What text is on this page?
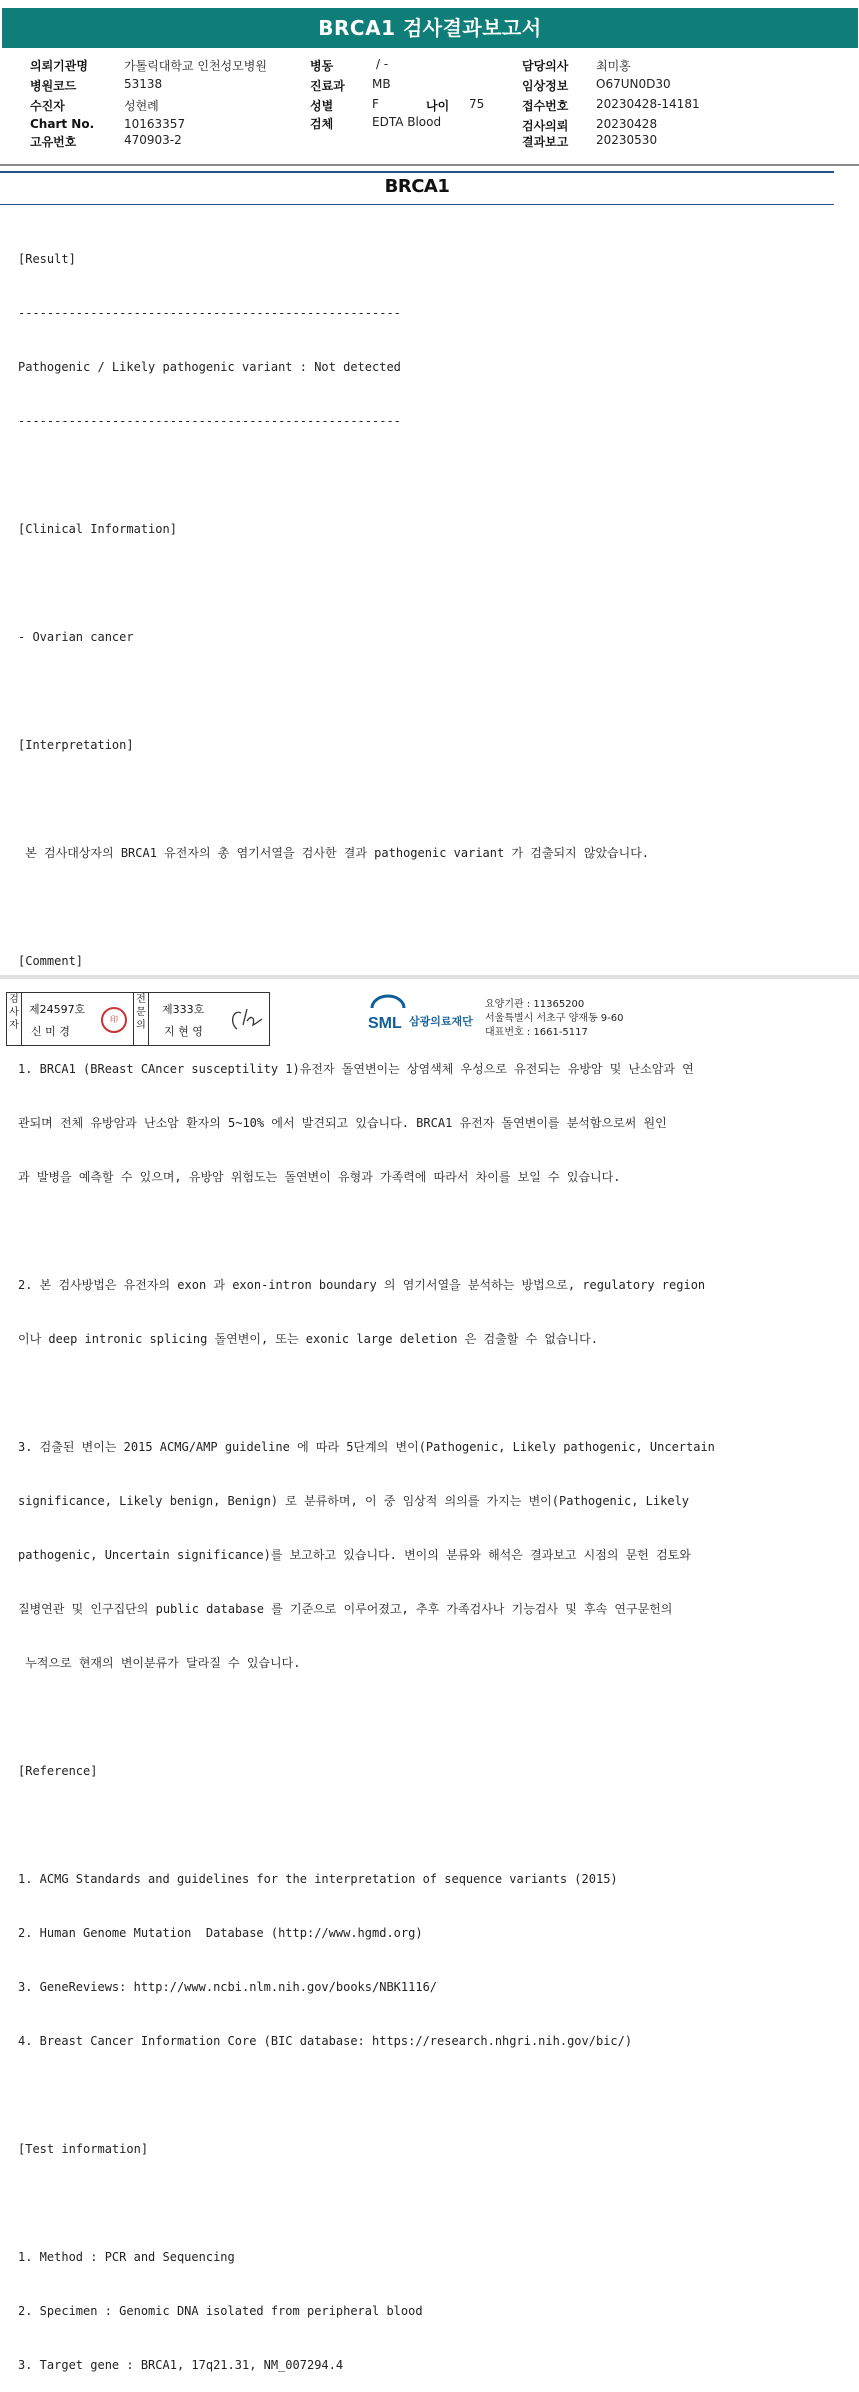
BRCA1 검사결과보고서
의뢰기관명	가톨릭대학교 인천성모병원
병원코드	53138
수진자	성현례
Chart No. 10163357
고유번호	470903-2
병동	/ -
진료과 MB
성별	F	나이 75
검체	EDTA Blood
담당의사 최미홍
임상정보 O67UN0D30
접수번호 20230428-14181
검사의뢰 20230428
결과보고 20230530
BRCA1

[Result]

-----------------------------------------------------

Pathogenic / Likely pathogenic variant : Not detected

-----------------------------------------------------

[Clinical Information]

- Ovarian cancer

[Interpretation]

본 검사대상자의 BRCA1 유전자의 총 염기서열을 검사한 결과 pathogenic variant 가 검출되지 않았습니다.

[Comment]

1. BRCA1 (BReast CAncer susceptility 1)유전자 돌연변이는 상염색체 우성으로 유전되는 유방암 및 난소암과 연

관되며 전체 유방암과 난소암 환자의 5~10% 에서 발견되고 있습니다. BRCA1 유전자 돌연변이를 분석함으로써 원인

과 발병을 예측할 수 있으며, 유방암 위험도는 돌연변이 유형과 가족력에 따라서 차이를 보일 수 있습니다.

2. 본 검사방법은 유전자의 exon 과 exon-intron boundary 의 염기서열을 분석하는 방법으로, regulatory region

이나 deep intronic splicing 돌연변이, 또는 exonic large deletion 은 검출할 수 없습니다.

3. 검출된 변이는 2015 ACMG/AMP guideline 에 따라 5단계의 변이(Pathogenic, Likely pathogenic, Uncertain

significance, Likely benign, Benign) 로 분류하며, 이 중 임상적 의의를 가지는 변이(Pathogenic, Likely

pathogenic, Uncertain significance)를 보고하고 있습니다. 변이의 분류와 해석은 결과보고 시점의 문헌 검토와

질병연관 및 인구집단의 public database 를 기준으로 이루어졌고, 추후 가족검사나 기능검사 및 후속 연구문헌의

누적으로 현재의 변이분류가 달라질 수 있습니다.

[Reference]

1. ACMG Standards and guidelines for the interpretation of sequence variants (2015)

2. Human Genome Mutation  Database (http://www.hgmd.org)

3. GeneReviews: http://www.ncbi.nlm.nih.gov/books/NBK1116/

4. Breast Cancer Information Core (BIC database: https://research.nhgri.nih.gov/bic/)

[Test information]

1. Method : PCR and Sequencing

2. Specimen : Genomic DNA isolated from peripheral blood

3. Target gene : BRCA1, 17q21.31, NM_007294.4

검사자
제24597호
신 미 경
印
전문의
제333호
지 현 영	SML 삼광의료재단
요양기관 : 11365200
서울특별시 서초구 양재동 9-60
대표번호 : 1661-5117
